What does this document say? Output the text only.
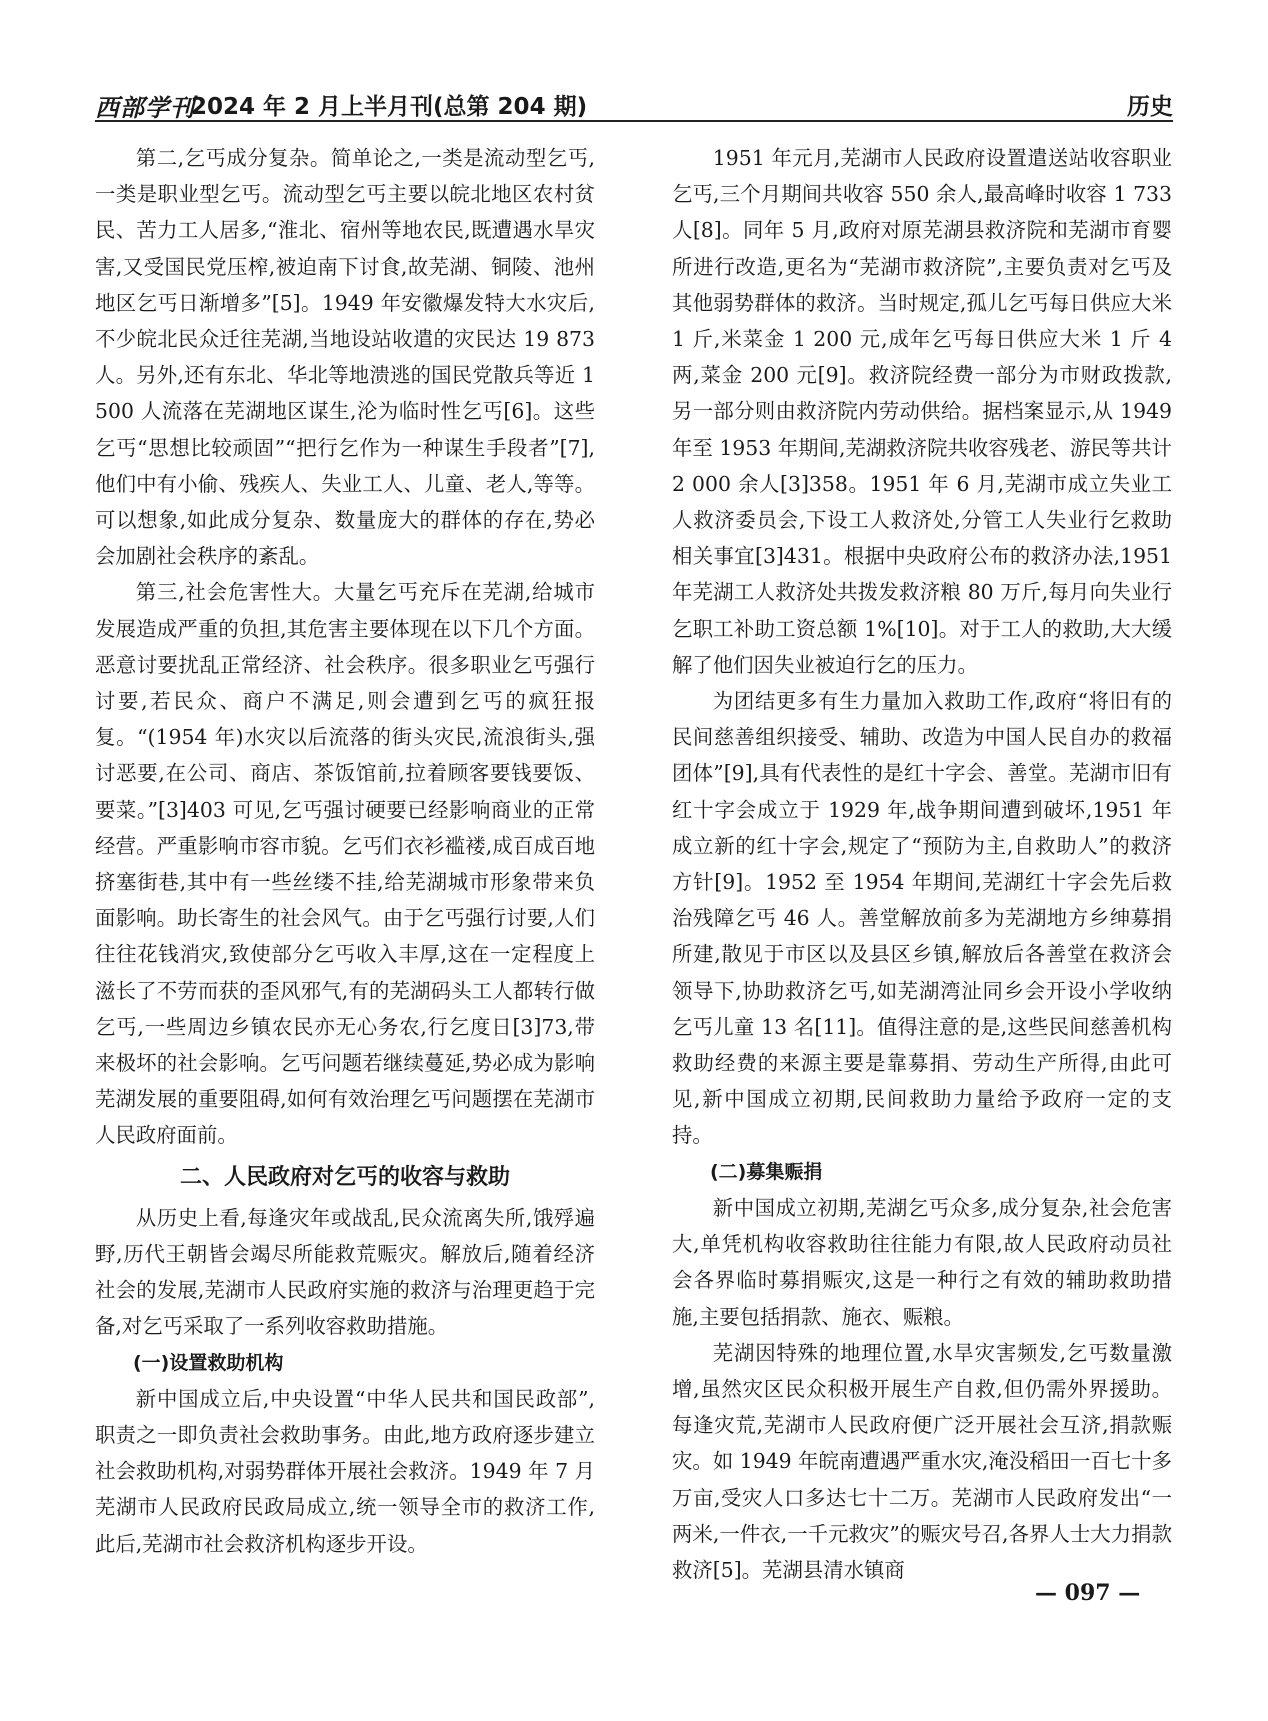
西部学刊
2024 年 2 月上半月刊(总第 204 期)	历史

第二,乞丐成分复杂。简单论之,一类是流动型乞丐,一类是职业型乞丐。流动型乞丐主要以皖北地区农村贫民、苦力工人居多,“淮北、宿州等地农民,既遭遇水旱灾害,又受国民党压榨,被迫南下讨食,故芜湖、铜陵、池州地区乞丐日渐增多”[5]。1949 年安徽爆发特大水灾后,不少皖北民众迁往芜湖,当地设站收遣的灾民达 19 873 人。另外,还有东北、华北等地溃逃的国民党散兵等近 1 500 人流落在芜湖地区谋生,沦为临时性乞丐[6]。这些乞丐“思想比较顽固”“把行乞作为一种谋生手段者”[7],他们中有小偷、残疾人、失业工人、儿童、老人,等等。可以想象,如此成分复杂、数量庞大的群体的存在,势必会加剧社会秩序的紊乱。

第三,社会危害性大。大量乞丐充斥在芜湖,给城市发展造成严重的负担,其危害主要体现在以下几个方面。恶意讨要扰乱正常经济、社会秩序。很多职业乞丐强行讨要,若民众、商户不满足,则会遭到乞丐的疯狂报复。“(1954 年)水灾以后流落的街头灾民,流浪街头,强讨恶要,在公司、商店、茶饭馆前,拉着顾客要钱要饭、要菜。”[3]403 可见,乞丐强讨硬要已经影响商业的正常经营。严重影响市容市貌。乞丐们衣衫褴褛,成百成百地挤塞街巷,其中有一些丝缕不挂,给芜湖城市形象带来负面影响。助长寄生的社会风气。由于乞丐强行讨要,人们往往花钱消灾,致使部分乞丐收入丰厚,这在一定程度上滋长了不劳而获的歪风邪气,有的芜湖码头工人都转行做乞丐,一些周边乡镇农民亦无心务农,行乞度日[3]73,带来极坏的社会影响。乞丐问题若继续蔓延,势必成为影响芜湖发展的重要阻碍,如何有效治理乞丐问题摆在芜湖市人民政府面前。

二、人民政府对乞丐的收容与救助

从历史上看,每逢灾年或战乱,民众流离失所,饿殍遍野,历代王朝皆会竭尽所能救荒赈灾。解放后,随着经济社会的发展,芜湖市人民政府实施的救济与治理更趋于完备,对乞丐采取了一系列收容救助措施。

(一)设置救助机构

新中国成立后,中央设置“中华人民共和国民政部”,职责之一即负责社会救助事务。由此,地方政府逐步建立社会救助机构,对弱势群体开展社会救济。1949 年 7 月芜湖市人民政府民政局成立,统一领导全市的救济工作,此后,芜湖市社会救济机构逐步开设。

1951 年元月,芜湖市人民政府设置遣送站收容职业乞丐,三个月期间共收容 550 余人,最高峰时收容 1 733 人[8]。同年 5 月,政府对原芜湖县救济院和芜湖市育婴所进行改造,更名为“芜湖市救济院”,主要负责对乞丐及其他弱势群体的救济。当时规定,孤儿乞丐每日供应大米 1 斤,米菜金 1 200 元,成年乞丐每日供应大米 1 斤 4 两,菜金 200 元[9]。救济院经费一部分为市财政拨款,另一部分则由救济院内劳动供给。据档案显示,从 1949 年至 1953 年期间,芜湖救济院共收容残老、游民等共计 2 000 余人[3]358。1951 年 6 月,芜湖市成立失业工人救济委员会,下设工人救济处,分管工人失业行乞救助相关事宜[3]431。根据中央政府公布的救济办法,1951 年芜湖工人救济处共拨发救济粮 80 万斤,每月向失业行乞职工补助工资总额 1%[10]。对于工人的救助,大大缓解了他们因失业被迫行乞的压力。

为团结更多有生力量加入救助工作,政府“将旧有的民间慈善组织接受、辅助、改造为中国人民自办的救福团体”[9],具有代表性的是红十字会、善堂。芜湖市旧有红十字会成立于 1929 年,战争期间遭到破坏,1951 年成立新的红十字会,规定了“预防为主,自救助人”的救济方针[9]。1952 至 1954 年期间,芜湖红十字会先后救治残障乞丐 46 人。善堂解放前多为芜湖地方乡绅募捐所建,散见于市区以及县区乡镇,解放后各善堂在救济会领导下,协助救济乞丐,如芜湖湾沚同乡会开设小学收纳乞丐儿童 13 名[11]。值得注意的是,这些民间慈善机构救助经费的来源主要是靠募捐、劳动生产所得,由此可见,新中国成立初期,民间救助力量给予政府一定的支持。

(二)募集赈捐

新中国成立初期,芜湖乞丐众多,成分复杂,社会危害大,单凭机构收容救助往往能力有限,故人民政府动员社会各界临时募捐赈灾,这是一种行之有效的辅助救助措施,主要包括捐款、施衣、赈粮。

芜湖因特殊的地理位置,水旱灾害频发,乞丐数量激增,虽然灾区民众积极开展生产自救,但仍需外界援助。每逢灾荒,芜湖市人民政府便广泛开展社会互济,捐款赈灾。如 1949 年皖南遭遇严重水灾,淹没稻田一百七十多万亩,受灾人口多达七十二万。芜湖市人民政府发出“一两米,一件衣,一千元救灾”的赈灾号召,各界人士大力捐款救济[5]。芜湖县清水镇商

— 097 —
